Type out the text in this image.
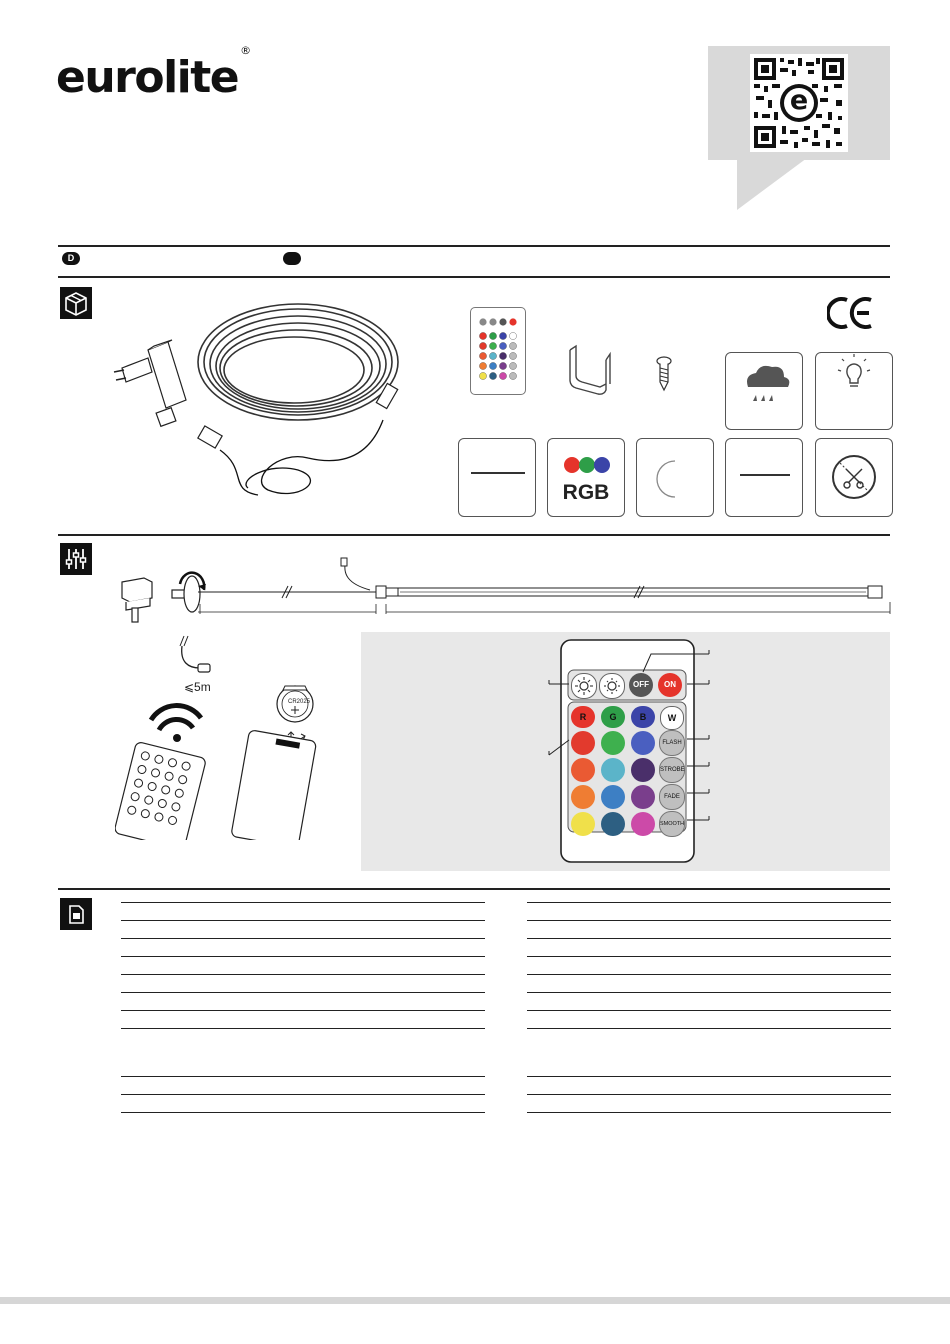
eurolite®
e
D
RGB
⩽5m
CR2025
OFF	ON
R	G	B	W
FLASH
STROBE
FADE
SMOOTH
